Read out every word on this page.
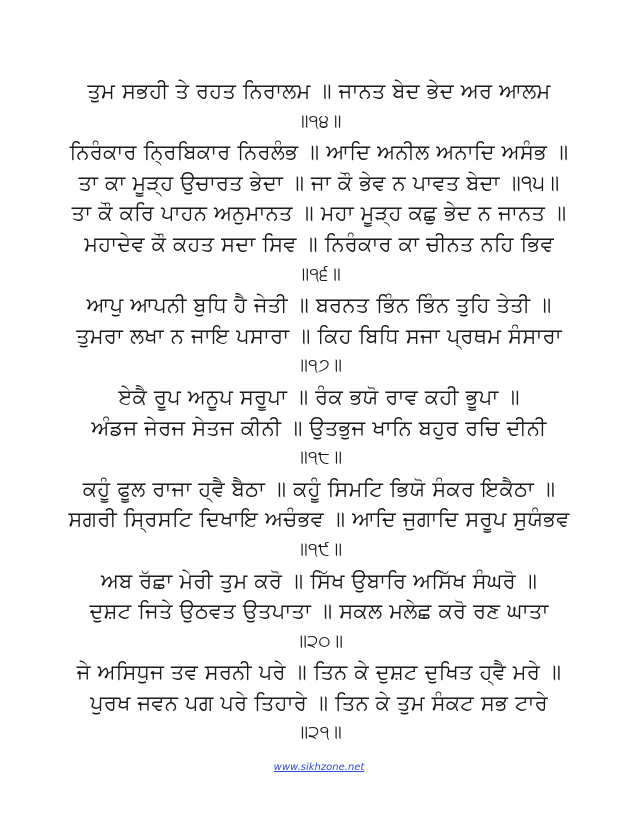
ਤੁਮ ਸਭਹੀ ਤੇ ਰਹਤ ਨਿਰਾਲਮ ॥ ਜਾਨਤ ਬੇਦ ਭੇਦ ਅਰ ਆਲਮ
॥੧੪॥
ਨਿਰੰਕਾਰ ਨ੍ਰਿਬਿਕਾਰ ਨਿਰਲੰਭ ॥ ਆਦਿ ਅਨੀਲ ਅਨਾਦਿ ਅਸੰਭ ॥
ਤਾ ਕਾ ਮੂੜ੍ਹ ਉਚਾਰਤ ਭੇਦਾ ॥ ਜਾ ਕੌ ਭੇਵ ਨ ਪਾਵਤ ਬੇਦਾ ॥੧੫॥
ਤਾ ਕੌ ਕਰਿ ਪਾਹਨ ਅਨੁਮਾਨਤ ॥ ਮਹਾ ਮੂੜ੍ਹ ਕਛੁ ਭੇਦ ਨ ਜਾਨਤ ॥
ਮਹਾਦੇਵ ਕੌ ਕਹਤ ਸਦਾ ਸਿਵ ॥ ਨਿਰੰਕਾਰ ਕਾ ਚੀਨਤ ਨਹਿ ਭਿਵ
॥੧੬॥
ਆਪੁ ਆਪਨੀ ਬੁਧਿ ਹੈ ਜੇਤੀ ॥ ਬਰਨਤ ਭਿੰਨ ਭਿੰਨ ਤੁਹਿ ਤੇਤੀ ॥
ਤੁਮਰਾ ਲਖਾ ਨ ਜਾਇ ਪਸਾਰਾ ॥ ਕਿਹ ਬਿਧਿ ਸਜਾ ਪ੍ਰਥਮ ਸੰਸਾਰਾ
॥੧੭॥
ਏਕੈ ਰੂਪ ਅਨੂਪ ਸਰੂਪਾ ॥ ਰੰਕ ਭਯੋ ਰਾਵ ਕਹੀ ਭੂਪਾ ॥
ਅੰਡਜ ਜੇਰਜ ਸੇਤਜ ਕੀਨੀ ॥ ਉਤਭੁਜ ਖਾਨਿ ਬਹੁਰ ਰਚਿ ਦੀਨੀ
॥੧੮॥
ਕਹੂੰ ਫੂਲ ਰਾਜਾ ਹ੍ਵੈ ਬੈਠਾ ॥ ਕਹੂੰ ਸਿਮਟਿ ਭਿਯੋ ਸੰਕਰ ਇਕੈਠਾ ॥
ਸਗਰੀ ਸ੍ਰਿਸਟਿ ਦਿਖਾਇ ਅਚੰਭਵ ॥ ਆਦਿ ਜੁਗਾਦਿ ਸਰੂਪ ਸੁਯੰਭਵ
॥੧੯॥
ਅਬ ਰੱਛਾ ਮੇਰੀ ਤੁਮ ਕਰੋ ॥ ਸਿੱਖ ਉਬਾਰਿ ਅਸਿੱਖ ਸੰਘਰੋ ॥
ਦੁਸ਼ਟ ਜਿਤੇ ਉਠਵਤ ਉਤਪਾਤਾ ॥ ਸਕਲ ਮਲੇਛ ਕਰੋ ਰਣ ਘਾਤਾ
॥੨੦॥
ਜੇ ਅਸਿਧੁਜ ਤਵ ਸਰਨੀ ਪਰੇ ॥ ਤਿਨ ਕੇ ਦੁਸ਼ਟ ਦੁਖਿਤ ਹ੍ਵੈ ਮਰੇ ॥
ਪੁਰਖ ਜਵਨ ਪਗ ਪਰੇ ਤਿਹਾਰੇ ॥ ਤਿਨ ਕੇ ਤੁਮ ਸੰਕਟ ਸਭ ਟਾਰੇ
॥੨੧॥
www.sikhzone.net
